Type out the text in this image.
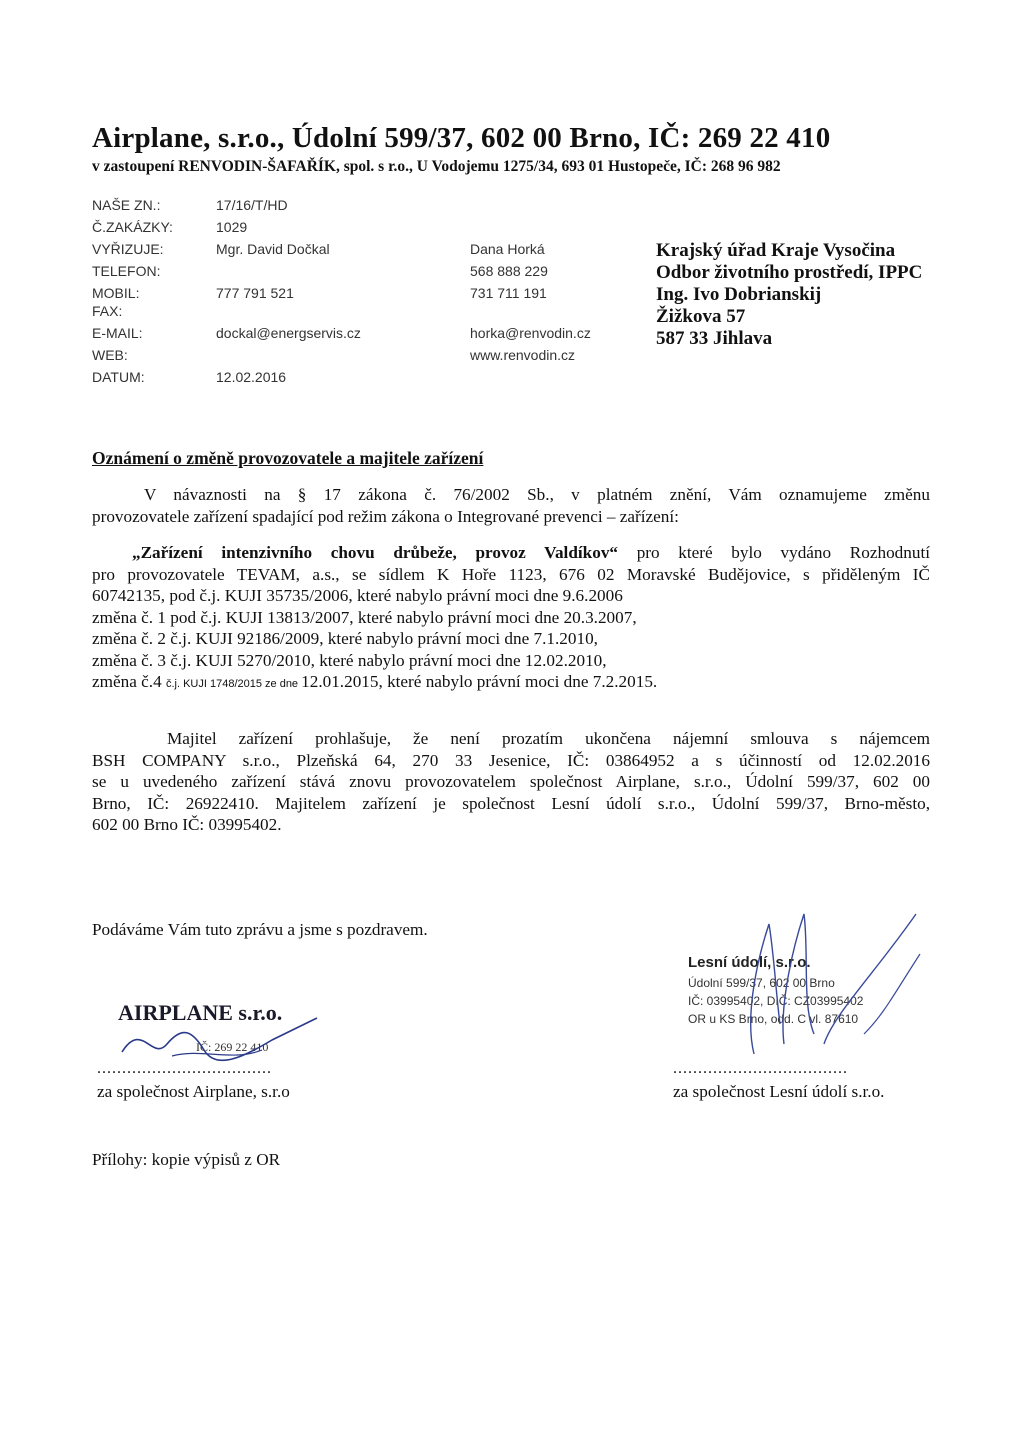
Airplane, s.r.o., Údolní 599/37, 602 00 Brno, IČ: 269 22 410
v zastoupení RENVODIN-ŠAFAŘÍK, spol. s r.o., U Vodojemu 1275/34, 693 01 Hustopeče, IČ: 268 96 982
NAŠE ZN.:
Č.ZAKÁZKY:
VYŘIZUJE:
TELEFON:
MOBIL:
FAX:
E-MAIL:
WEB:
DATUM:
17/16/T/HD
1029
Mgr. David Dočkal
777 791 521
dockal@energservis.cz
12.02.2016
Dana Horká
568 888 229
731 711 191
horka@renvodin.cz
www.renvodin.cz
Krajský úřad Kraje Vysočina
Odbor životního prostředí, IPPC
Ing. Ivo Dobrianskij
Žižkova 57
587 33 Jihlava
Oznámení o změně provozovatele a majitele zařízení
V návaznosti na § 17 zákona č. 76/2002 Sb., v platném znění, Vám oznamujeme změnu
provozovatele zařízení spadající pod režim zákona o Integrované prevenci – zařízení:
„Zařízení intenzivního chovu drůbeže, provoz Valdíkov“ pro které bylo vydáno Rozhodnutí
pro provozovatele TEVAM, a.s., se sídlem K Hoře 1123, 676 02 Moravské Budějovice, s přiděleným IČ
60742135, pod č.j. KUJI 35735/2006, které nabylo právní moci dne 9.6.2006
změna č. 1 pod č.j. KUJI 13813/2007, které nabylo právní moci dne 20.3.2007,
změna č. 2 č.j. KUJI 92186/2009, které nabylo právní moci dne 7.1.2010,
změna č. 3 č.j. KUJI 5270/2010, které nabylo právní moci dne 12.02.2010,
změna č.4 č.j. KUJI 1748/2015 ze dne 12.01.2015, které nabylo právní moci dne 7.2.2015.
Majitel zařízení prohlašuje, že není prozatím ukončena nájemní smlouva s nájemcem
BSH COMPANY s.r.o., Plzeňská 64, 270 33 Jesenice, IČ: 03864952 a s účinností od 12.02.2016
se u uvedeného zařízení stává znovu provozovatelem společnost Airplane, s.r.o., Údolní 599/37, 602 00
Brno, IČ: 26922410. Majitelem zařízení je společnost Lesní údolí s.r.o., Údolní 599/37, Brno-město,
602 00 Brno IČ: 03995402.
Podáváme Vám tuto zprávu a jsme s pozdravem.
AIRPLANE s.r.o.
IČ: 269 22 410
...................................
za společnost Airplane, s.r.o
Lesní údolí, s.r.o.
Údolní 599/37, 602 00 Brno
IČ: 03995402, DIČ: CZ03995402
OR u KS Brno, odd. C vl. 87610
...................................
za společnost Lesní údolí s.r.o.
Přílohy: kopie výpisů z OR
